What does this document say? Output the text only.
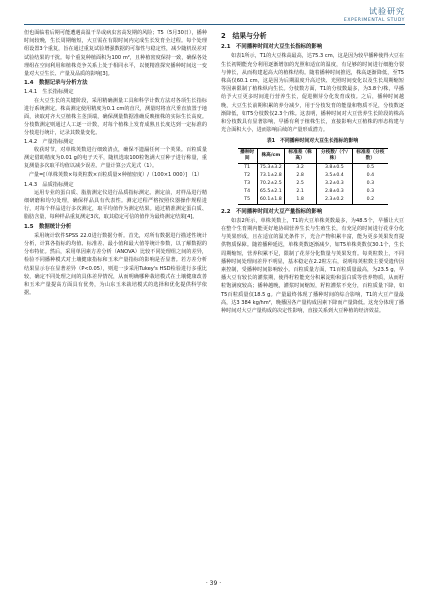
试验研究
EXPERIMENTAL STUDY

但也面临着后期可能遭遇高温干旱或病虫害高发期的风险；T5（5月30日），播种时间较晚，生长周期缩短，大豆需在有限时间内完成生长发育全过程。每个处理组设置3个重复，旨在通过重复试验增强数据的可靠性与稳定性，减少随机误差对试验结果的干扰。每个重复种植面积为100 m²，且种植密度保持一致，确保各处理组在空间利用和植株竞争关系上处于相同水平，以便精准探究播种时间这一变量对大豆生长、产量及品质的影响[3]。

1.4　数据记录与分析方法
1.4.1　生长指标测定

在大豆生长的关键阶段，采用精确测量工具和科学计数方法对各项生长指标进行系统测定。株高测定使用精度为0.1 cm的直尺，测量时将直尺垂直放置于地面，读取对齐大豆植株主茎顶端，确保测量数据准确反映植株的实际生长高度。分枝数测定则通过人工逐一计数，对每个植株上发育成熟且长度达到一定标准的分枝进行统计，记录其数量变化。

1.4.2　产量指标测定

收获时节，对单株荚数进行细致清点，确保不遗漏任何一个荚果。百粒质量测定借助精度为0.01 g的电子天平，随机选取100粒饱满大豆种子进行称量，重复测量多次取平均值以减少误差。产量计算公式见式（1）。

产量=[（单株荚数×每荚粒数×百粒质量×种植密度）/（100×1 000）] （1）
1.4.3　品质指标测定

运用专业的蛋白质、脂肪测定仪进行品质指标测定。测定前，对样品进行精细研磨和均匀处理，确保样品具有代表性。测定过程严格按照仪器操作规程进行，对每个样品进行多次测定，取平均值作为测定结果。通过精准测定蛋白质、脂肪含量，每种样品重复测定3次，取其稳定可信的值作为最终测定结果[4]。

1.5　数据统计分析

采用统计软件SPSS 22.0进行数据分析。首先，对所有数据进行描述性统计分析，计算各指标的均值、标准差、最小值和最大值等统计参数，以了解数据的分布特征。然后，采用单因素方差分析（ANOVA）比较不同处理组之间的差异，检验不同播种模式对土壤健康指标和玉米产量指标的影响是否显著。若方差分析结果显示存在显著差异（P<0.05），则进一步采用Tukey's HSD检验进行多重比较，确定不同处理之间的具体差异情况，从而明确哪种栽培模式在土壤健康改善和玉米产量提高方面具有优势，为山东玉米栽培模式的选择和优化提供科学依据。

2　结果与分析
2.1　不同播种时间对大豆生长指标的影响

如表1所示，T1的大豆株高最高，达75.3 cm，这是因为较早播种使得大豆在生长初期能充分利用逐渐增加的光照和适宜的温度，有足够的时间进行细胞分裂与伸长，从而构建起高大的植株结构。随着播种时间推迟，株高逐渐降低，至T5株高仅60.1 cm，这是因为后期温度升高过快、光照时间变化以及生长周期缩短等因素限制了植株纵向生长。分枝数方面，T1的分枝数最多，为3.8个/株，早播给予大豆更多时间进行营养生长，促进侧芽分化发育成枝。之后，播种时间越晚，大豆生长前期积累的养分减少，用于分枝发育的能量和物质不足，分枝数逐渐降低，如T5分枝数仅2.3个/株。这表明，播种时间对大豆营养生长阶段的株高和分枝数具有显著影响，早播有利于植株生长，直接影响大豆植株的形态构建与光合面积大小，进而影响后续的产量形成潜力。

表1　不同播种时间对大豆生长指标的影响
播种时间	株高/cm	标准差（株高）	分枝数/（个/株）	标准差（分枝数）
T1	75.3±3.2	3.2	3.8±0.5	0.5
T2	73.1±2.8	2.8	3.5±0.4	0.4
T3	70.2±2.5	2.5	3.2±0.3	0.3
T4	65.5±2.1	2.1	2.8±0.3	0.3
T5	60.1±1.8	1.8	2.3±0.2	0.2
2.2　不同播种时间对大豆产量指标的影响

如表2所示，单株荚数上，T1的大豆单株荚数最多，为48.5个，早播让大豆在整个生育期内能更好地协调营养生长与生殖生长，有充足的时间进行花芽分化与荚果形成，且在适宜的温光条件下，光合产物积累丰富，能为更多荚果发育提供物质保障。随着播种延迟，单株荚数逐渐减少，如T5单株荚数仅30.1个，生长周期缩短，营养积累不足，限制了花芽分化数量与荚果发育。每荚粒数上，不同播种时间处理间差异不明显，基本稳定在2.2粒左右，说明每荚粒数主要受遗传因素控制，受播种时间影响较小。百粒质量方面，T1百粒质量最高，为23.5 g，早播大豆有较长的灌浆期，使得籽粒能充分积累淀粉和蛋白质等营养物质，从而籽粒饱满度较高；播种越晚，灌浆时间缩短，籽粒灌浆不充分，百粒质量下降，如T5百粒质量仅18.5 g。产量最终体现了播种时间的综合影响，T1的大豆产量最高，达3 384 kg/hm²，晚播因各产量构成因素下降而产量降低。这充分体现了播种时间对大豆产量构成的决定性影响，直接关系到大豆种植的经济效益。

· 39 ·
